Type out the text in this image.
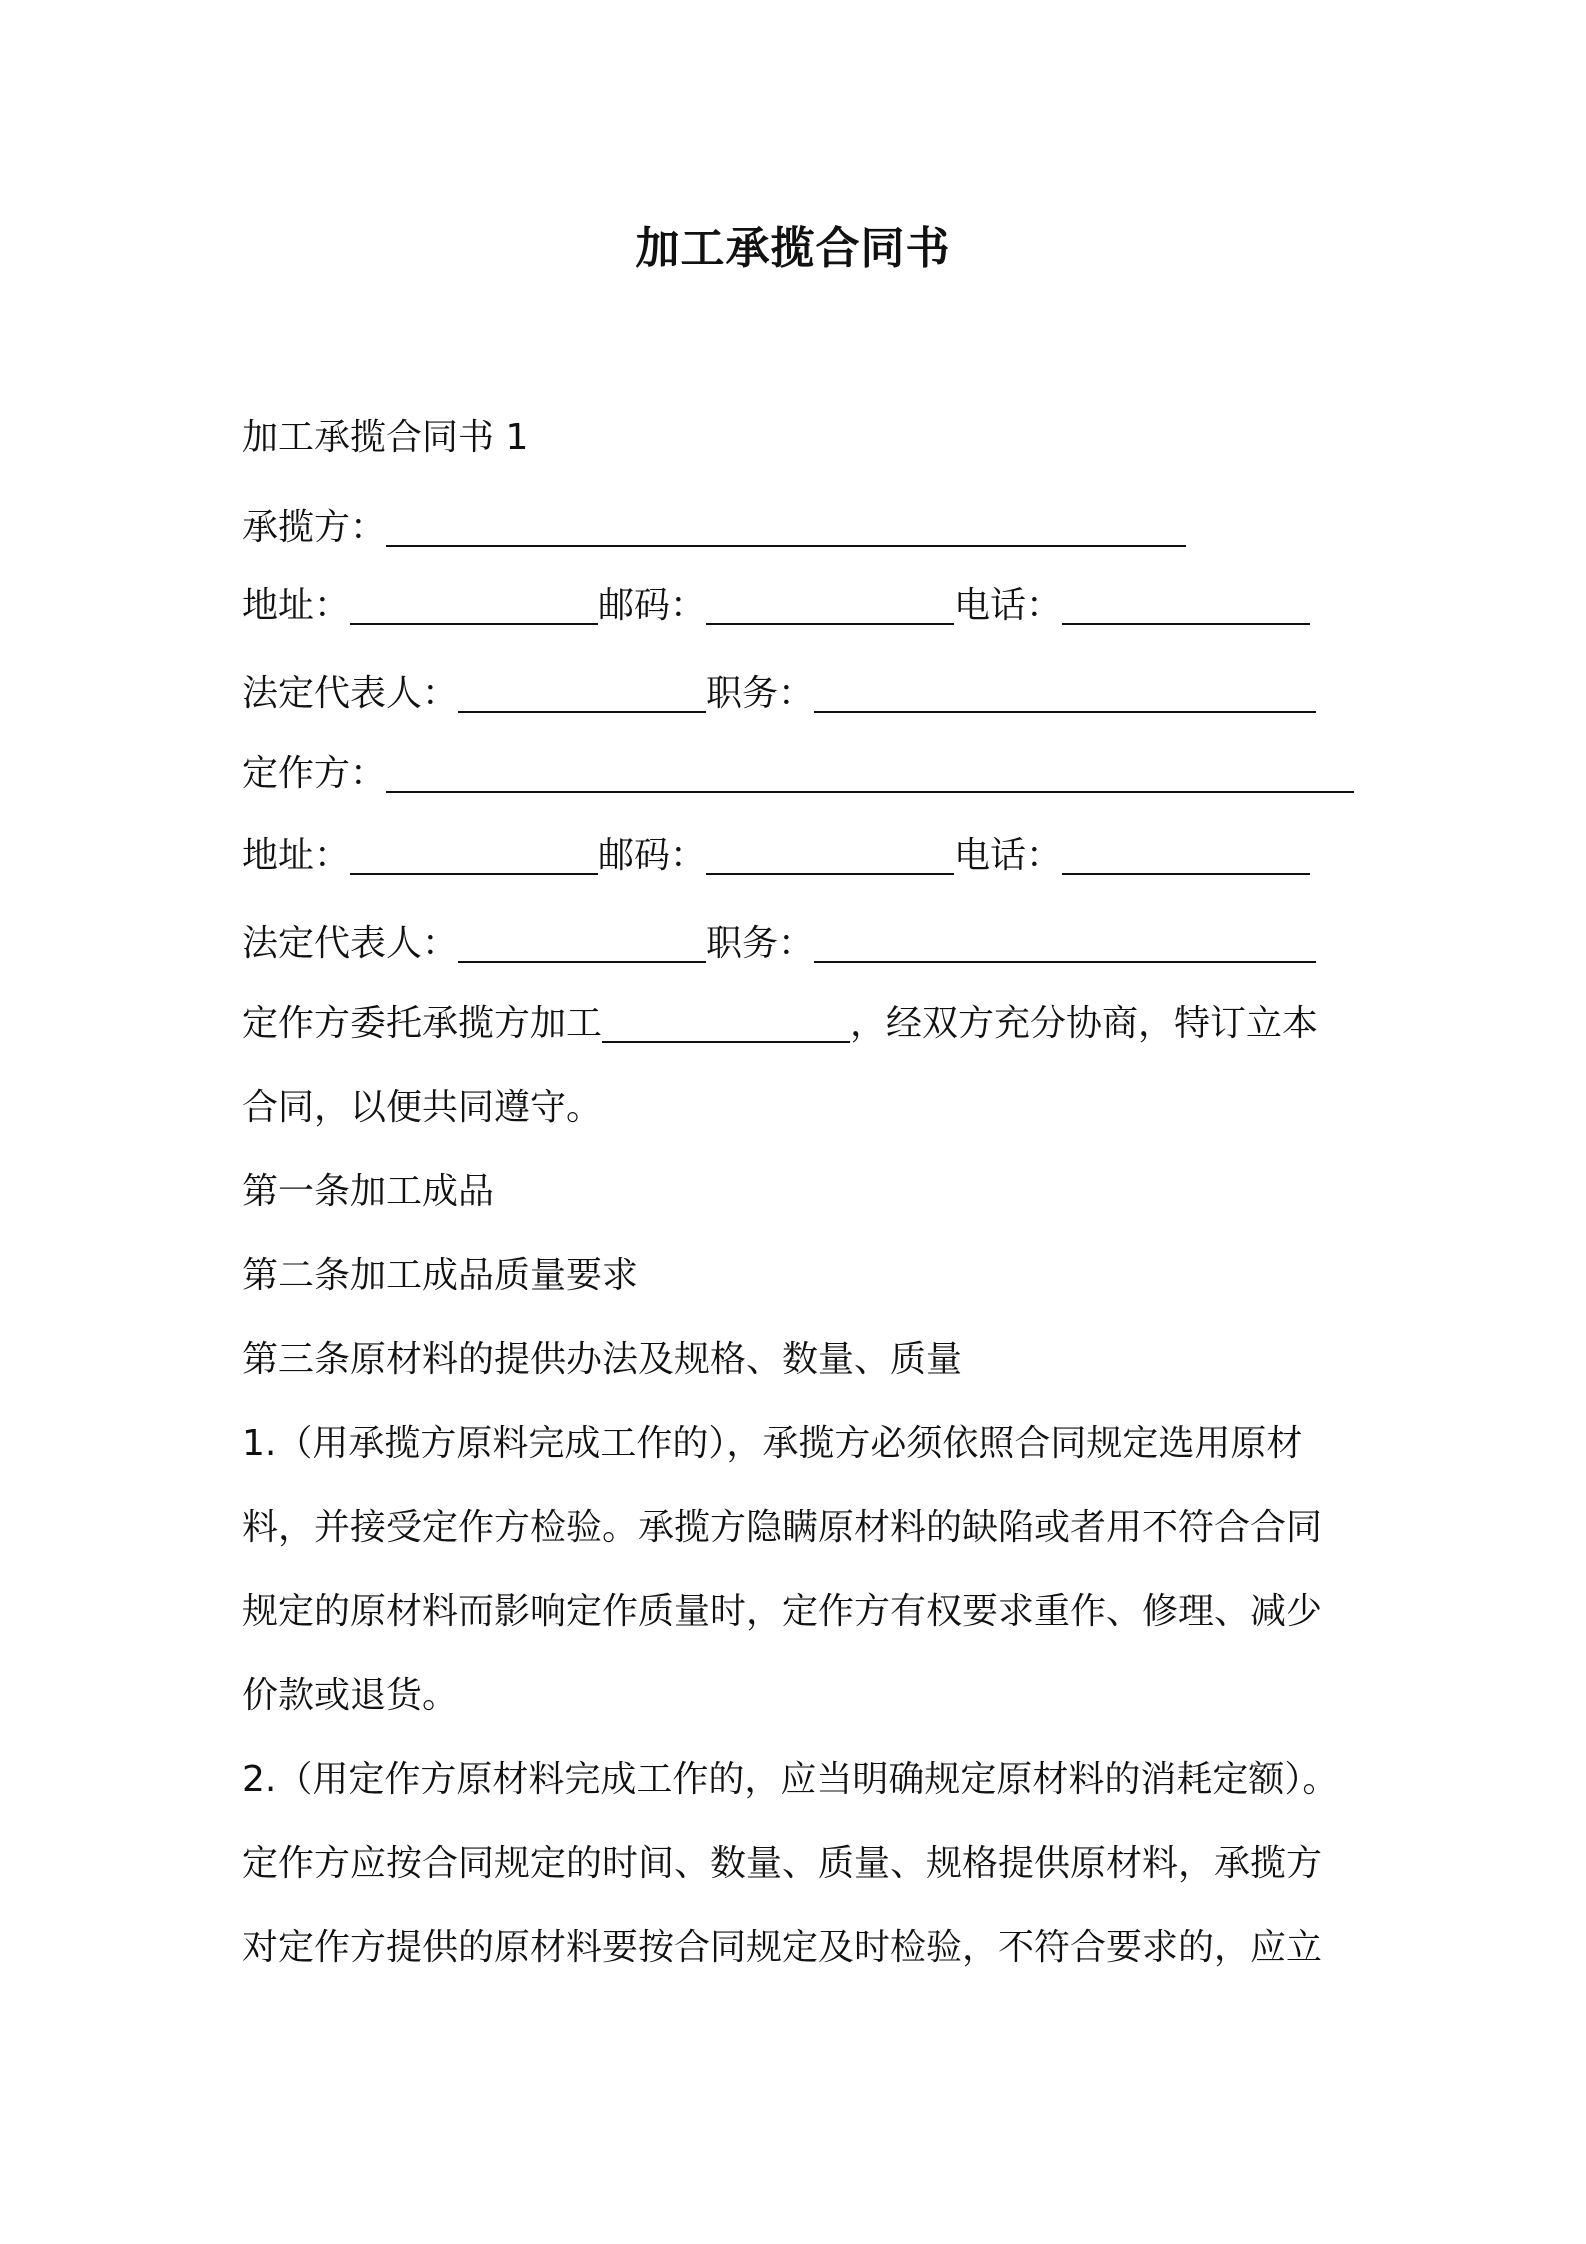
加工承揽合同书
加工承揽合同书 1
承揽方：
地址：	邮码：	电话：
法定代表人：	职务：
定作方：
地址：	邮码：	电话：
法定代表人：	职务：
定作方委托承揽方加工	，经双方充分协商，特订立本
合同，以便共同遵守。
第一条加工成品
第二条加工成品质量要求
第三条原材料的提供办法及规格、数量、质量
1.（用承揽方原料完成工作的），承揽方必须依照合同规定选用原材
料，并接受定作方检验。承揽方隐瞒原材料的缺陷或者用不符合合同
规定的原材料而影响定作质量时，定作方有权要求重作、修理、减少
价款或退货。
2.（用定作方原材料完成工作的，应当明确规定原材料的消耗定额）。
定作方应按合同规定的时间、数量、质量、规格提供原材料，承揽方
对定作方提供的原材料要按合同规定及时检验，不符合要求的，应立
